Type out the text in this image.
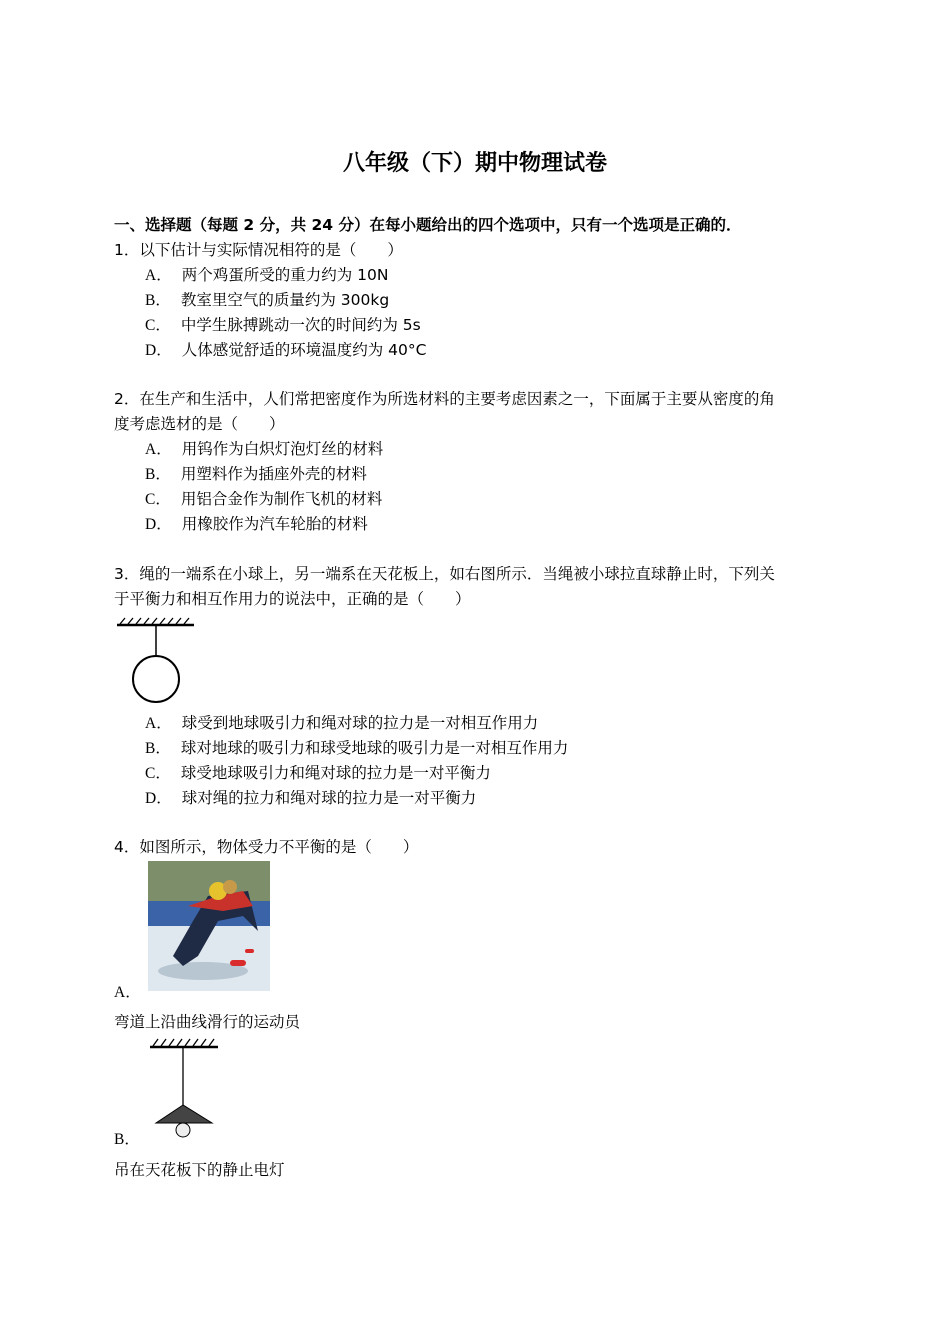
八年级（下）期中物理试卷
一、选择题（每题 2 分，共 24 分）在每小题给出的四个选项中，只有一个选项是正确的．
1．以下估计与实际情况相符的是（　　）
A． 两个鸡蛋所受的重力约为 10N
B． 教室里空气的质量约为 300kg
C． 中学生脉搏跳动一次的时间约为 5s
D． 人体感觉舒适的环境温度约为 40°C
2．在生产和生活中，人们常把密度作为所选材料的主要考虑因素之一，下面属于主要从密度的角
度考虑选材的是（　　）
A． 用钨作为白炽灯泡灯丝的材料
B． 用塑料作为插座外壳的材料
C． 用铝合金作为制作飞机的材料
D． 用橡胶作为汽车轮胎的材料
3．绳的一端系在小球上，另一端系在天花板上，如右图所示．当绳被小球拉直球静止时，下列关
于平衡力和相互作用力的说法中，正确的是（　　）
A． 球受到地球吸引力和绳对球的拉力是一对相互作用力
B． 球对地球的吸引力和球受地球的吸引力是一对相互作用力
C． 球受地球吸引力和绳对球的拉力是一对平衡力
D． 球对绳的拉力和绳对球的拉力是一对平衡力
4．如图所示，物体受力不平衡的是（　　）
A．
弯道上沿曲线滑行的运动员
B．
吊在天花板下的静止电灯
